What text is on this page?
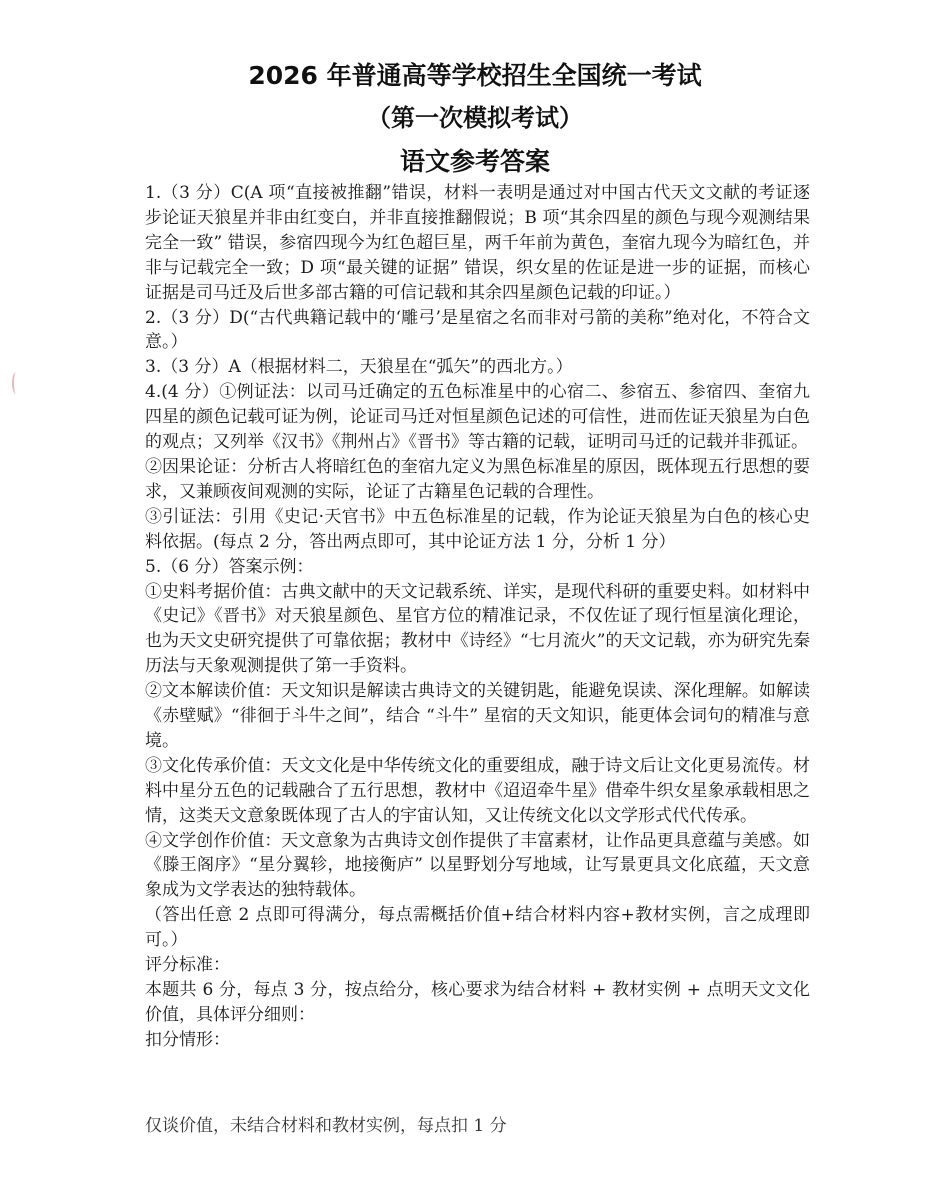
2026 年普通高等学校招生全国统一考试
（第一次模拟考试）
语文参考答案

1.（3 分）C(A 项“直接被推翻”错误，材料一表明是通过对中国古代天文文献的考证逐步论证天狼星并非由红变白，并非直接推翻假说；B 项“其余四星的颜色与现今观测结果完全一致” 错误，参宿四现今为红色超巨星，两千年前为黄色，奎宿九现今为暗红色，并非与记载完全一致；D 项“最关键的证据” 错误，织女星的佐证是进一步的证据，而核心证据是司马迁及后世多部古籍的可信记载和其余四星颜色记载的印证。）

2.（3 分）D(“古代典籍记载中的‘雕弓’是星宿之名而非对弓箭的美称”绝对化，不符合文意。）

3.（3 分）A（根据材料二，天狼星在“弧矢”的西北方。）

4.(4 分）①例证法：以司马迁确定的五色标准星中的心宿二、参宿五、参宿四、奎宿九四星的颜色记载可证为例，论证司马迁对恒星颜色记述的可信性，进而佐证天狼星为白色的观点；又列举《汉书》《荆州占》《晋书》等古籍的记载，证明司马迁的记载并非孤证。

②因果论证：分析古人将暗红色的奎宿九定义为黑色标准星的原因，既体现五行思想的要求，又兼顾夜间观测的实际，论证了古籍星色记载的合理性。

③引证法：引用《史记·天官书》中五色标准星的记载，作为论证天狼星为白色的核心史料依据。(每点 2 分，答出两点即可，其中论证方法 1 分，分析 1 分）

5.（6 分）答案示例：

①史料考据价值：古典文献中的天文记载系统、详实，是现代科研的重要史料。如材料中《史记》《晋书》对天狼星颜色、星官方位的精准记录，不仅佐证了现行恒星演化理论，也为天文史研究提供了可靠依据；教材中《诗经》“七月流火”的天文记载，亦为研究先秦历法与天象观测提供了第一手资料。

②文本解读价值：天文知识是解读古典诗文的关键钥匙，能避免误读、深化理解。如解读《赤壁赋》“徘徊于斗牛之间”，结合 “斗牛” 星宿的天文知识，能更体会词句的精准与意境。

③文化传承价值：天文文化是中华传统文化的重要组成，融于诗文后让文化更易流传。材料中星分五色的记载融合了五行思想，教材中《迢迢牵牛星》借牵牛织女星象承载相思之情，这类天文意象既体现了古人的宇宙认知，又让传统文化以文学形式代代传承。

④文学创作价值：天文意象为古典诗文创作提供了丰富素材，让作品更具意蕴与美感。如《滕王阁序》“星分翼轸，地接衡庐” 以星野划分写地域，让写景更具文化底蕴，天文意象成为文学表达的独特载体。

（答出任意 2 点即可得满分，每点需概括价值+结合材料内容+教材实例，言之成理即可。）

评分标准：

本题共 6 分，每点 3 分，按点给分，核心要求为结合材料 + 教材实例 + 点明天文文化价值，具体评分细则：

扣分情形：

仅谈价值，未结合材料和教材实例，每点扣 1 分
